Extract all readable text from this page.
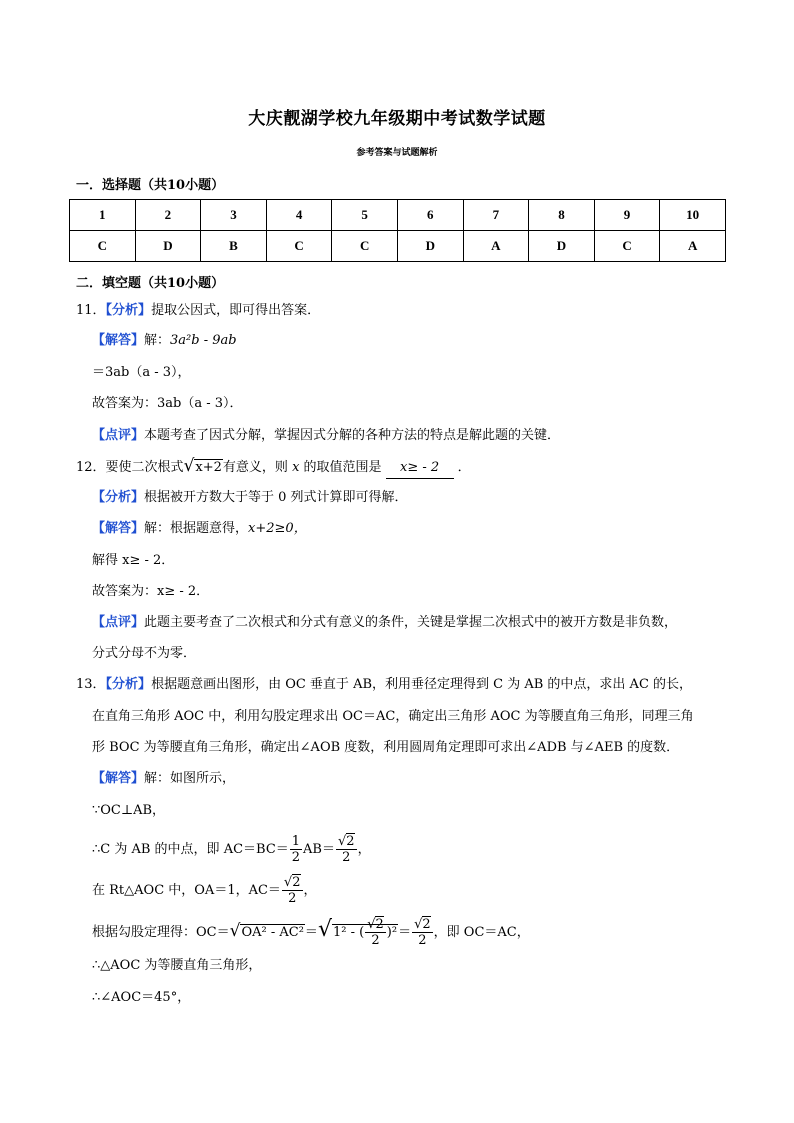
大庆靓湖学校九年级期中考试数学试题
参考答案与试题解析
一．选择题（共10小题）
1	2	3	4	5	6	7	8	9	10
C	D	B	C	C	D	A	D	C	A
二．填空题（共10小题）
11．【分析】提取公因式，即可得出答案．
【解答】解：3a²b - 9ab
＝3ab（a - 3），
故答案为：3ab（a - 3）．
【点评】本题考查了因式分解，掌握因式分解的各种方法的特点是解此题的关键．
12．要使二次根式√x+2有意义，则 x 的取值范围是 x≥ - 2 ．
【分析】根据被开方数大于等于 0 列式计算即可得解．
【解答】解：根据题意得，x+2≥0，
解得 x≥ - 2．
故答案为：x≥ - 2．
【点评】此题主要考查了二次根式和分式有意义的条件，关键是掌握二次根式中的被开方数是非负数，
分式分母不为零．
13．【分析】根据题意画出图形，由 OC 垂直于 AB，利用垂径定理得到 C 为 AB 的中点，求出 AC 的长，
在直角三角形 AOC 中，利用勾股定理求出 OC＝AC，确定出三角形 AOC 为等腰直角三角形，同理三角
形 BOC 为等腰直角三角形，确定出∠AOB 度数，利用圆周角定理即可求出∠ADB 与∠AEB 的度数．
【解答】解：如图所示，
∵OC⊥AB，
∴C 为 AB 的中点，即 $AC=BC= \frac{1}{2} AB= \frac{√2}{2}$ ，
在 Rt△AOC 中，OA＝1，$AC= \frac{√2}{2}$ ，
根据勾股定理得：OC＝√OA² - AC²＝√1² - ( $\frac{√2}{2} )^2= \frac{√2}{2}$ ，即 OC＝AC，
∴△AOC 为等腰直角三角形，
∴∠AOC＝45°，
